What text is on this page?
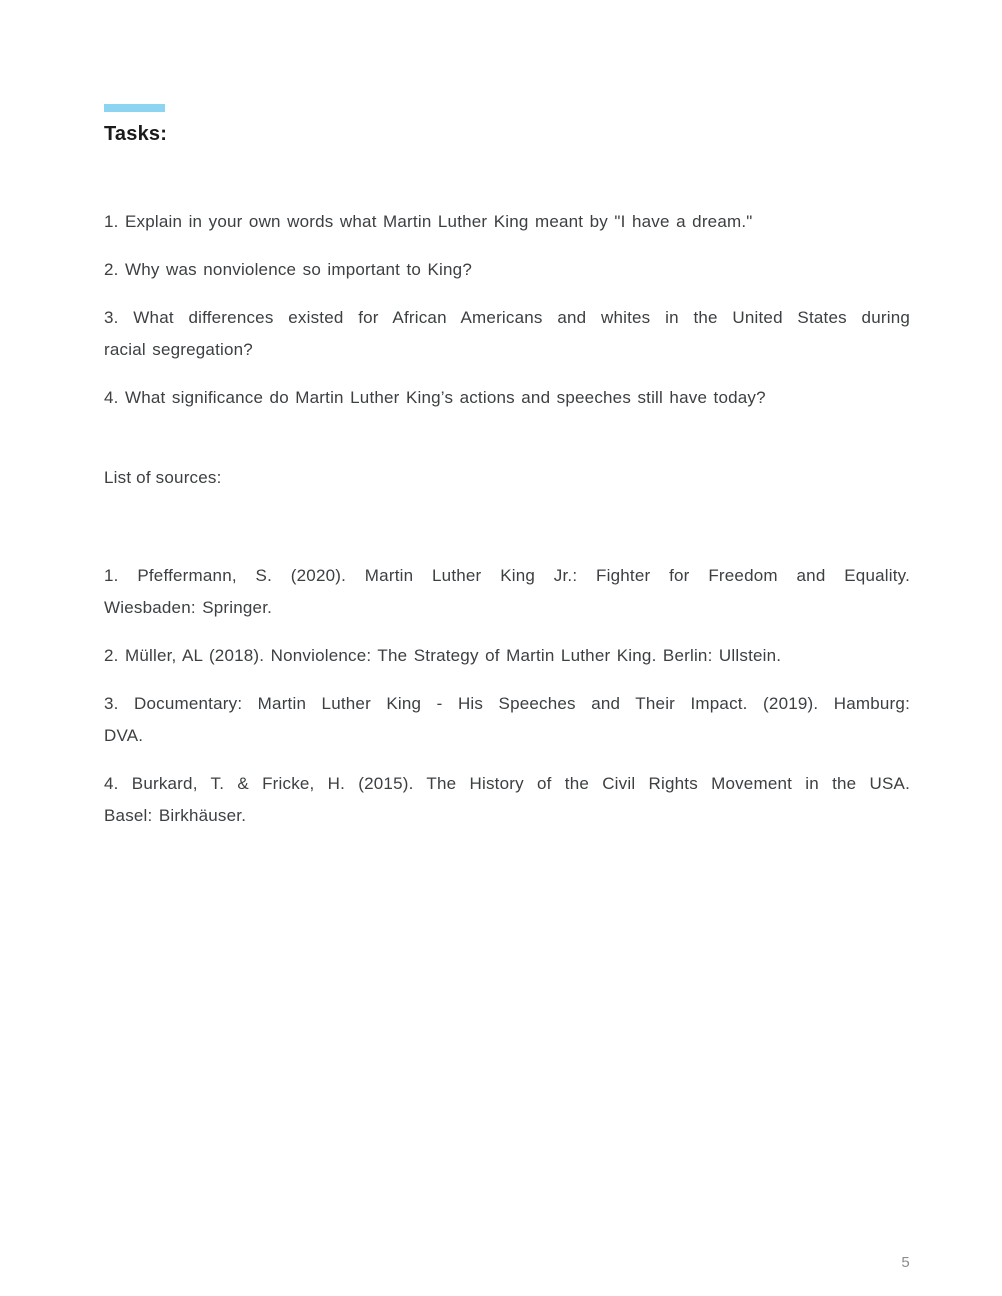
Tasks:
1. Explain in your own words what Martin Luther King meant by "I have a dream."
2. Why was nonviolence so important to King?
3. What differences existed for African Americans and whites in the United States during
racial segregation?
4. What significance do Martin Luther King’s actions and speeches still have today?
List of sources:
1. Pfeffermann, S. (2020). Martin Luther King Jr.: Fighter for Freedom and Equality.
Wiesbaden: Springer.
2. Müller, AL (2018). Nonviolence: The Strategy of Martin Luther King. Berlin: Ullstein.
3. Documentary: Martin Luther King - His Speeches and Their Impact. (2019). Hamburg:
DVA.
4. Burkard, T. & Fricke, H. (2015). The History of the Civil Rights Movement in the USA.
Basel: Birkhäuser.
5
